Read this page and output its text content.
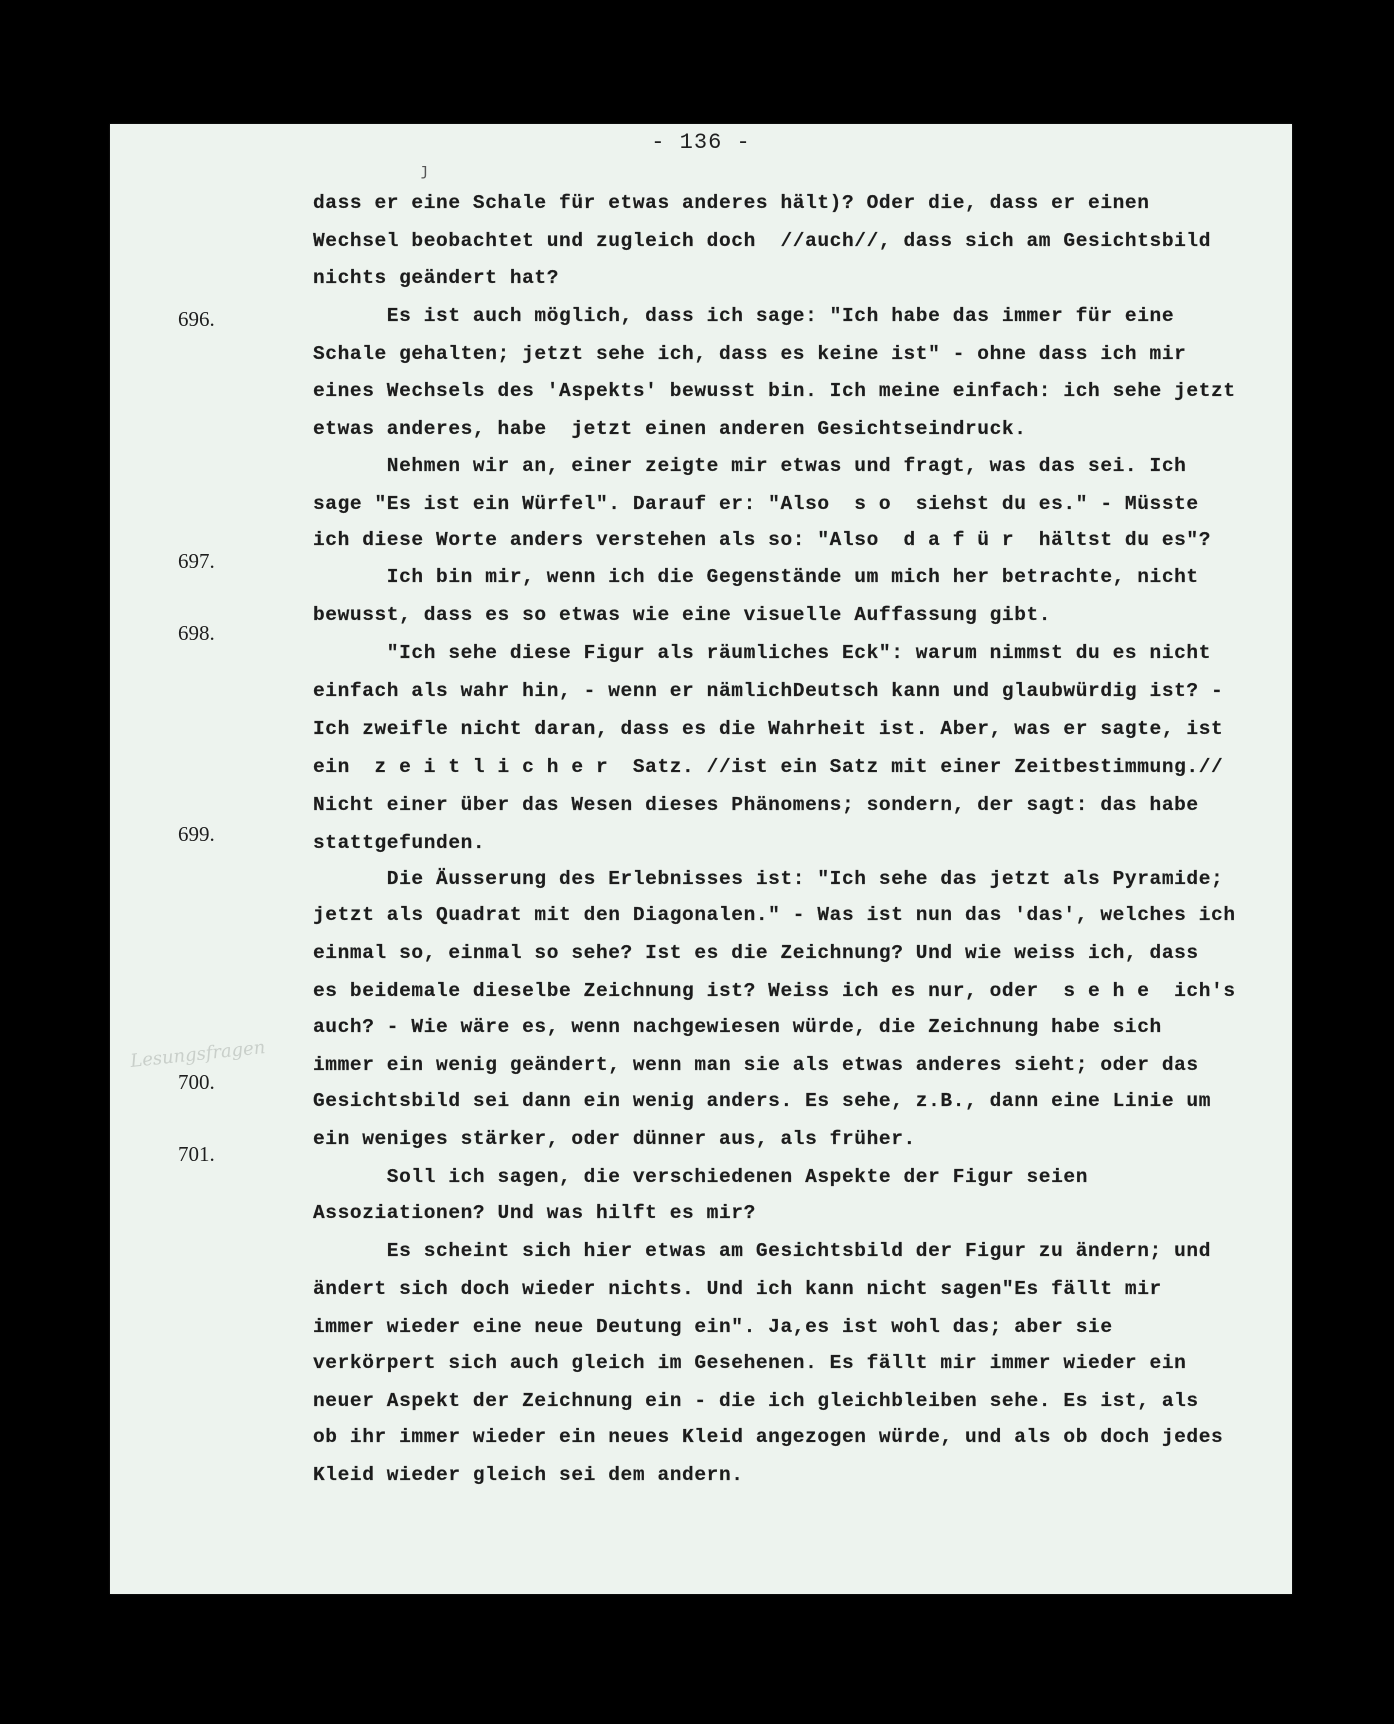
- 136 -
ȷ
Lesungsfragen
696.
697.
698.
699.
700.
701.
dass er eine Schale für etwas anderes hält)? Oder die, dass er einen
Wechsel beobachtet und zugleich doch  //auch//, dass sich am Gesichtsbild
nichts geändert hat?
Es ist auch möglich, dass ich sage: "Ich habe das immer für eine
Schale gehalten; jetzt sehe ich, dass es keine ist" - ohne dass ich mir
eines Wechsels des 'Aspekts' bewusst bin. Ich meine einfach: ich sehe jetzt
etwas anderes, habe  jetzt einen anderen Gesichtseindruck.
Nehmen wir an, einer zeigte mir etwas und fragt, was das sei. Ich
sage "Es ist ein Würfel". Darauf er: "Also  s o  siehst du es." - Müsste
ich diese Worte anders verstehen als so: "Also  d a f ü r  hältst du es"?
Ich bin mir, wenn ich die Gegenstände um mich her betrachte, nicht
bewusst, dass es so etwas wie eine visuelle Auffassung gibt.
"Ich sehe diese Figur als räumliches Eck": warum nimmst du es nicht
einfach als wahr hin, - wenn er nämlichDeutsch kann und glaubwürdig ist? -
Ich zweifle nicht daran, dass es die Wahrheit ist. Aber, was er sagte, ist
ein  z e i t l i c h e r  Satz. //ist ein Satz mit einer Zeitbestimmung.//
Nicht einer über das Wesen dieses Phänomens; sondern, der sagt: das habe
stattgefunden.
Die Äusserung des Erlebnisses ist: "Ich sehe das jetzt als Pyramide;
jetzt als Quadrat mit den Diagonalen." - Was ist nun das 'das', welches ich
einmal so, einmal so sehe? Ist es die Zeichnung? Und wie weiss ich, dass
es beidemale dieselbe Zeichnung ist? Weiss ich es nur, oder  s e h e  ich's
auch? - Wie wäre es, wenn nachgewiesen würde, die Zeichnung habe sich
immer ein wenig geändert, wenn man sie als etwas anderes sieht; oder das
Gesichtsbild sei dann ein wenig anders. Es sehe, z.B., dann eine Linie um
ein weniges stärker, oder dünner aus, als früher.
Soll ich sagen, die verschiedenen Aspekte der Figur seien
Assoziationen? Und was hilft es mir?
Es scheint sich hier etwas am Gesichtsbild der Figur zu ändern; und
ändert sich doch wieder nichts. Und ich kann nicht sagen"Es fällt mir
immer wieder eine neue Deutung ein". Ja,es ist wohl das; aber sie
verkörpert sich auch gleich im Gesehenen. Es fällt mir immer wieder ein
neuer Aspekt der Zeichnung ein - die ich gleichbleiben sehe. Es ist, als
ob ihr immer wieder ein neues Kleid angezogen würde, und als ob doch jedes
Kleid wieder gleich sei dem andern.
